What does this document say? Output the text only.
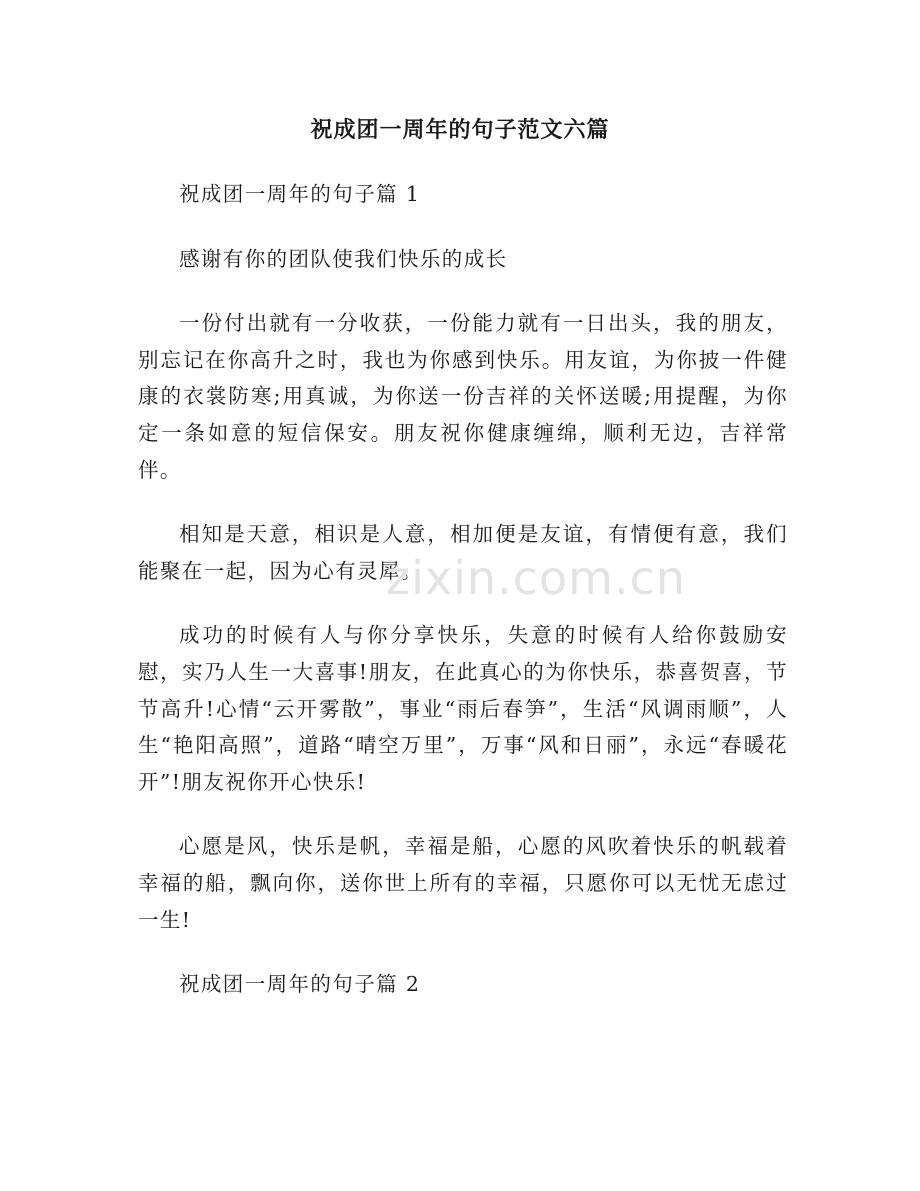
祝成团一周年的句子范文六篇

祝成团一周年的句子篇 1

感谢有你的团队使我们快乐的成长

一份付出就有一分收获，一份能力就有一日出头，我的朋友，别忘记在你高升之时，我也为你感到快乐。用友谊，为你披一件健康的衣裳防寒;用真诚，为你送一份吉祥的关怀送暖;用提醒，为你定一条如意的短信保安。朋友祝你健康缠绵，顺利无边，吉祥常伴。

相知是天意，相识是人意，相加便是友谊，有情便有意，我们能聚在一起，因为心有灵犀。

成功的时候有人与你分享快乐，失意的时候有人给你鼓励安慰，实乃人生一大喜事!朋友，在此真心的为你快乐，恭喜贺喜，节节高升!心情“云开雾散”，事业“雨后春笋”，生活“风调雨顺”，人生“艳阳高照”，道路“晴空万里”，万事“风和日丽”，永远“春暖花开”!朋友祝你开心快乐!

心愿是风，快乐是帆，幸福是船，心愿的风吹着快乐的帆载着幸福的船，飘向你，送你世上所有的幸福，只愿你可以无忧无虑过一生!

祝成团一周年的句子篇 2

zixin.com.cn
